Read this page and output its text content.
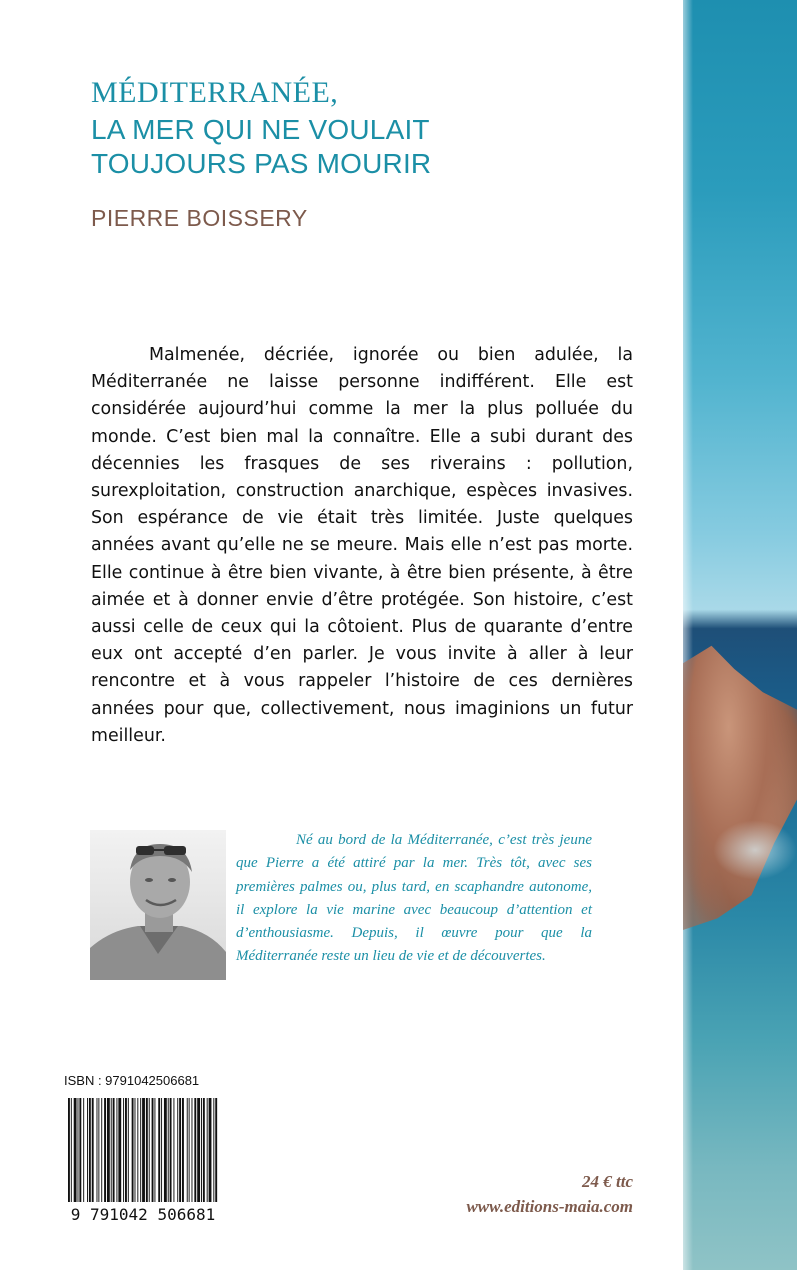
MÉDITERRANÉE,
LA MER QUI NE VOULAIT
TOUJOURS PAS MOURIR
PIERRE BOISSERY
Malmenée, décriée, ignorée ou bien adulée, la Méditerranée ne laisse personne indifférent. Elle est considérée aujourd’hui comme la mer la plus polluée du monde. C’est bien mal la connaître. Elle a subi durant des décennies les frasques de ses riverains : pollution, surexploitation, construction anarchique, espèces invasives. Son espérance de vie était très limitée. Juste quelques années avant qu’elle ne se meure. Mais elle n’est pas morte. Elle continue à être bien vivante, à être bien présente, à être aimée et à donner envie d’être protégée. Son histoire, c’est aussi celle de ceux qui la côtoient. Plus de quarante d’entre eux ont accepté d’en parler. Je vous invite à aller à leur rencontre et à vous rappeler l’histoire de ces dernières années pour que, collectivement, nous imaginions un futur meilleur.
Né au bord de la Méditerranée, c’est très jeune que Pierre a été attiré par la mer. Très tôt, avec ses premières palmes ou, plus tard, en scaphandre autonome, il explore la vie marine avec beaucoup d’attention et d’enthousiasme. Depuis, il œuvre pour que la Méditerranée reste un lieu de vie et de découvertes.
ISBN : 9791042506681
9 791042 506681
24 € ttc
www.editions-maia.com
